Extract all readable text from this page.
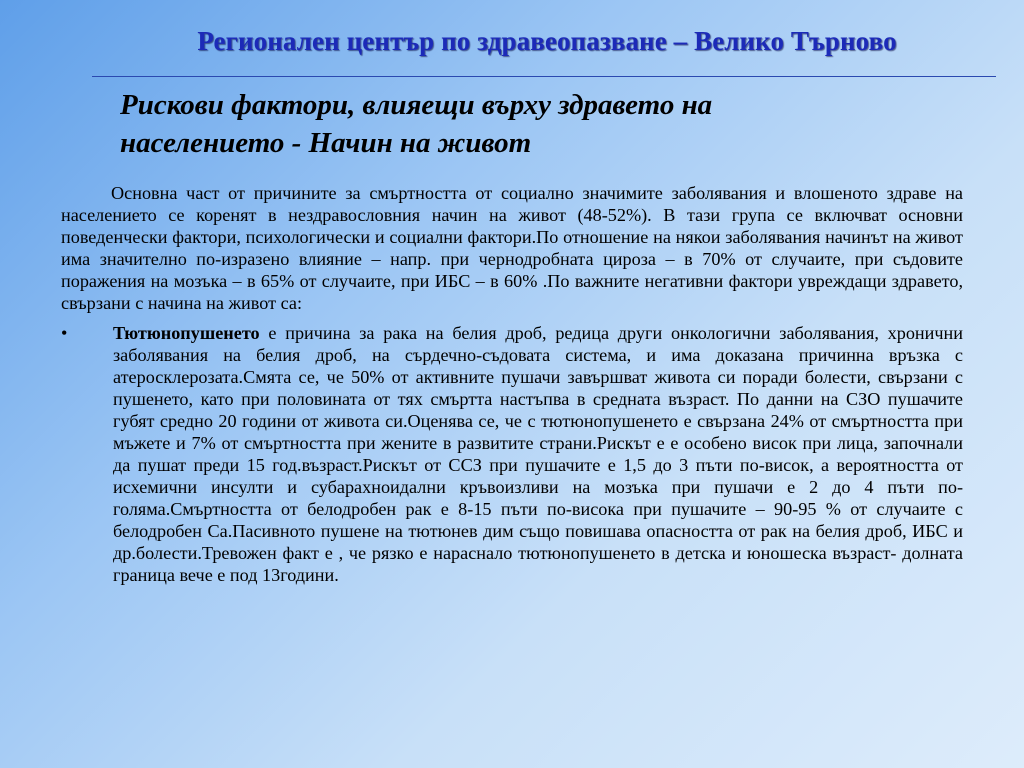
Регионален център по здравеопазване – Велико Търново
Рискови фактори, влияещи върху здравето на
населението - Начин на живот

Основна част от причините за смъртността от социално значимите заболявания и влошеното здраве на населението се коренят в нездравословния начин на живот (48-52%). В тази група се включват основни поведенчески фактори, психологически и социални фактори.По отношение на някои заболявания начинът на живот има значително по-изразено влияние – напр. при чернодробната цироза – в 70% от случаите, при съдовите поражения на мозъка – в 65% от случаите, при ИБС – в 60% .По важните негативни фактори увреждащи здравето, свързани с начина на живот са:

•	Тютюнопушенето е причина за рака на белия дроб, редица други онкологични заболявания, хронични заболявания на белия дроб, на сърдечно-съдовата система, и има доказана причинна връзка с атеросклерозата.Смята се, че 50% от активните пушачи завършват живота си поради болести, свързани с пушенето, като при половината от тях смъртта настъпва в средната възраст. По данни на СЗО пушачите губят средно 20 години от живота си.Оценява се, че с тютюнопушенето е свързана 24% от смъртността при мъжете и 7% от смъртността при жените в развитите страни.Рискът е е особено висок при лица, започнали да пушат преди 15 год.възраст.Рискът от ССЗ при пушачите е 1,5 до 3 пъти по-висок, а вероятността от исхемични инсулти и субарахноидални кръвоизливи на мозъка при пушачи е 2 до 4 пъти по-голяма.Смъртността от белодробен рак е 8-15 пъти по-висока при пушачите – 90-95 % от случаите с белодробен Са.Пасивното пушене на тютюнев дим също повишава опасността от рак на белия дроб, ИБС и др.болести.Тревожен факт е , че рязко е нараснало тютюнопушенето в детска и юношеска възраст- долната граница вече е под 13години.
